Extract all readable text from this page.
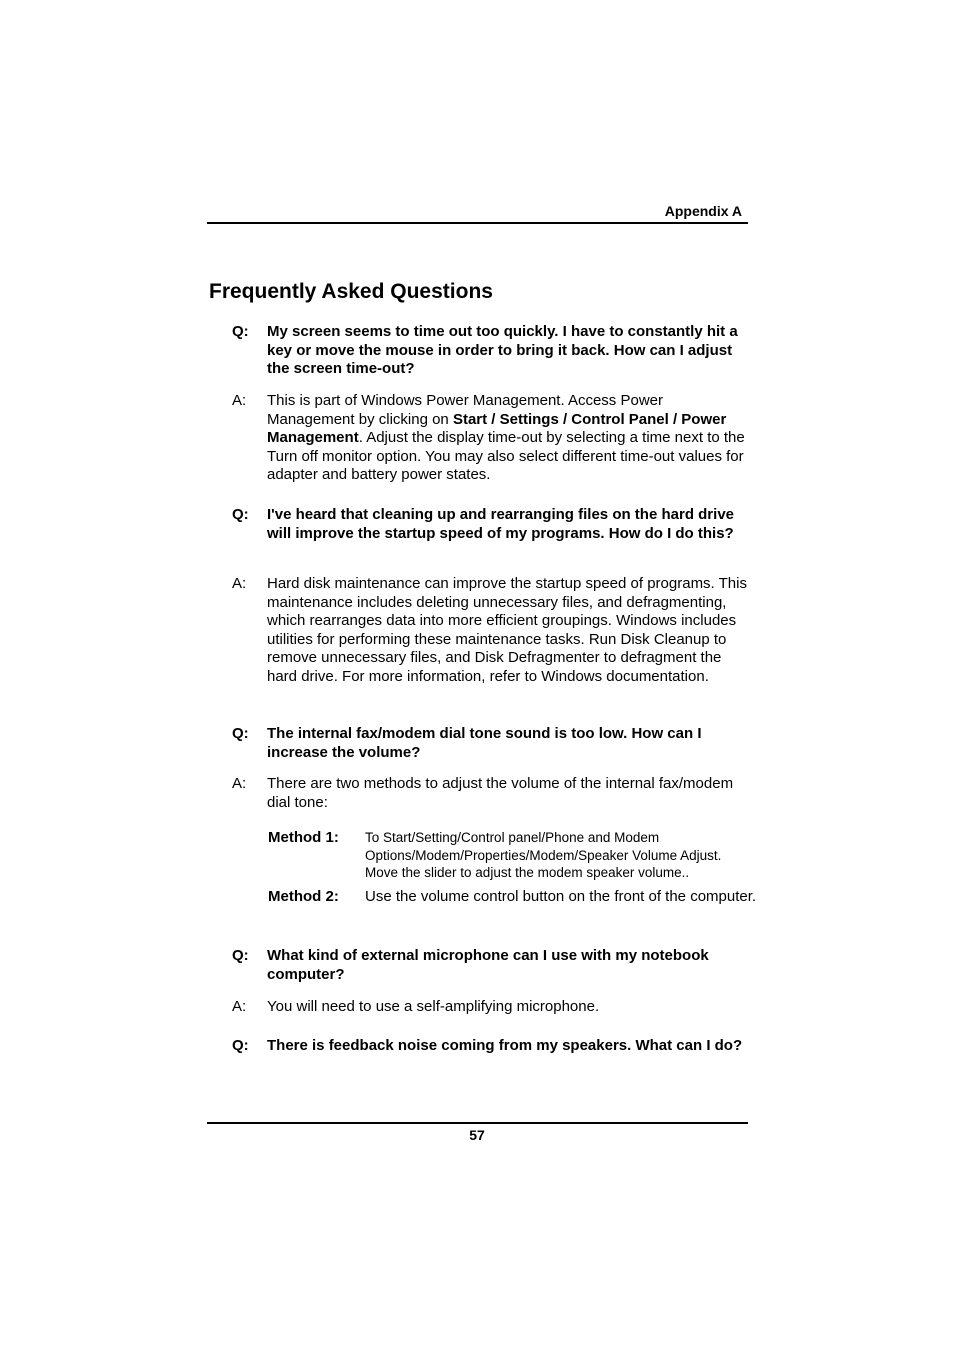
Appendix A
Frequently Asked Questions
Q: My screen seems to time out too quickly. I have to constantly hit a key or move the mouse in order to bring it back. How can I adjust the screen time-out?
A: This is part of Windows Power Management. Access Power Management by clicking on Start / Settings / Control Panel / Power Management. Adjust the display time-out by selecting a time next to the Turn off monitor option. You may also select different time-out values for adapter and battery power states.
Q: I've heard that cleaning up and rearranging files on the hard drive will improve the startup speed of my programs. How do I do this?
A: Hard disk maintenance can improve the startup speed of programs. This maintenance includes deleting unnecessary files, and defragmenting, which rearranges data into more efficient groupings. Windows includes utilities for performing these maintenance tasks. Run Disk Cleanup to remove unnecessary files, and Disk Defragmenter to defragment the hard drive. For more information, refer to Windows documentation.
Q: The internal fax/modem dial tone sound is too low. How can I increase the volume?
A: There are two methods to adjust the volume of the internal fax/modem dial tone:
Method 1: To Start/Setting/Control panel/Phone and Modem Options/Modem/Properties/Modem/Speaker Volume Adjust. Move the slider to adjust the modem speaker volume..
Method 2: Use the volume control button on the front of the computer.
Q: What kind of external microphone can I use with my notebook computer?
A: You will need to use a self-amplifying microphone.
Q: There is feedback noise coming from my speakers. What can I do?
57
